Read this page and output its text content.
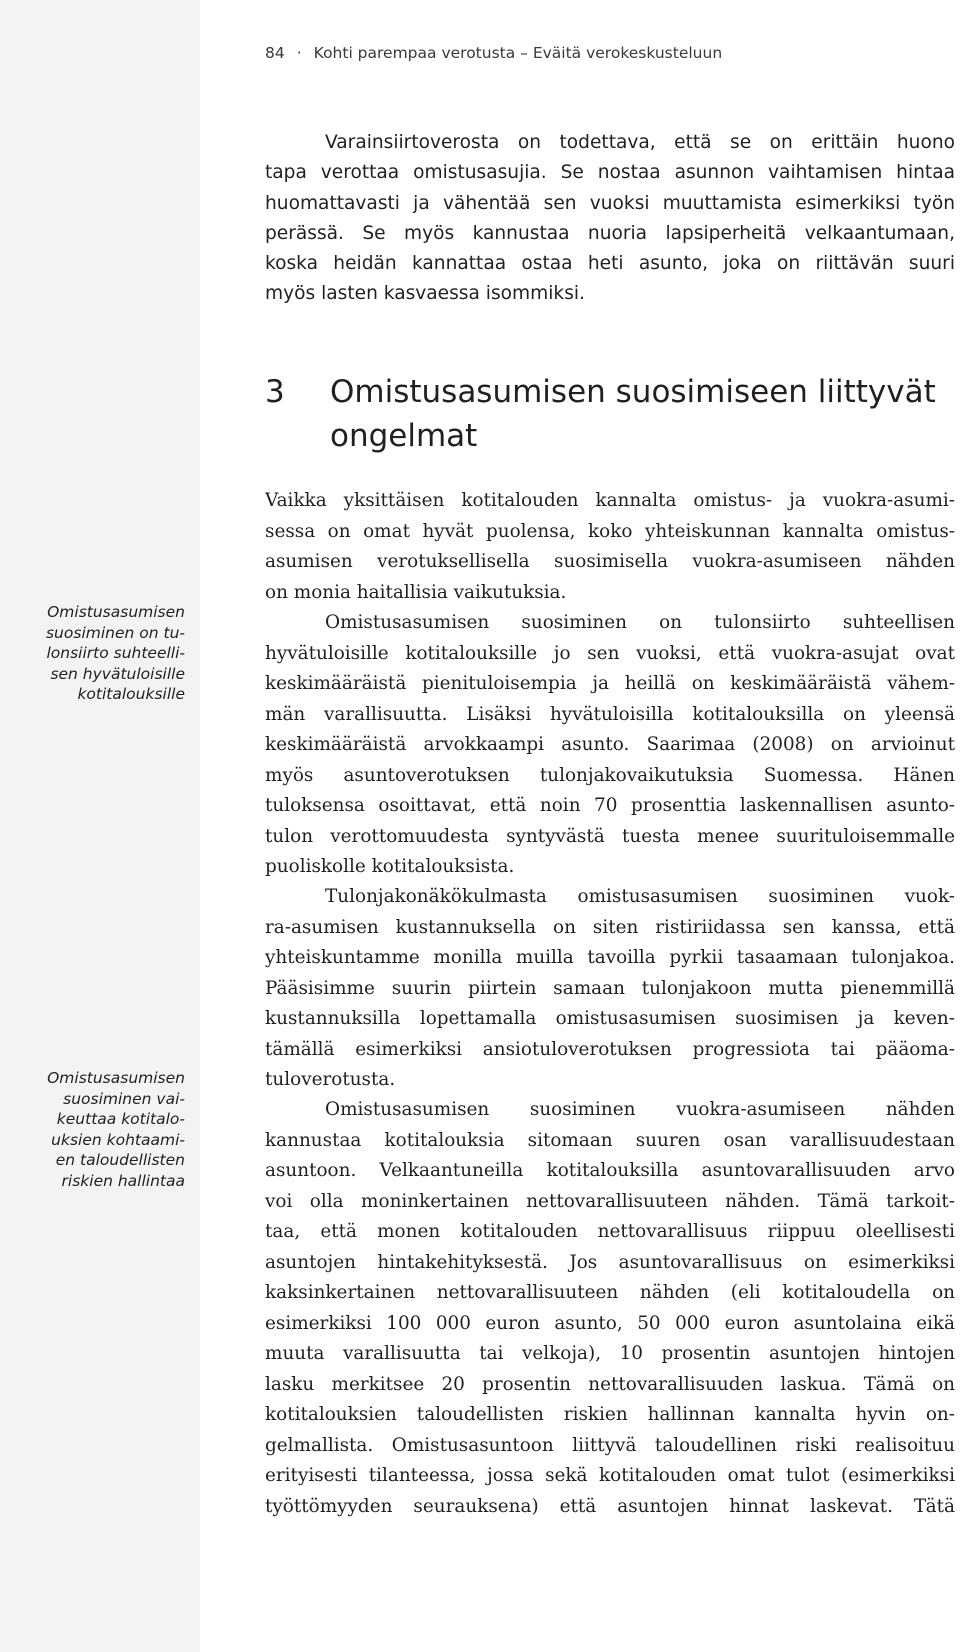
84 · Kohti parempaa verotusta – Eväitä verokeskusteluun

Varainsiirtoverosta on todettava, että se on erittäin huono
tapa verottaa omistusasujia. Se nostaa asunnon vaihtamisen hintaa
huomattavasti ja vähentää sen vuoksi muuttamista esimerkiksi työn
perässä. Se myös kannustaa nuoria lapsiperheitä velkaantumaan,
koska heidän kannattaa ostaa heti asunto, joka on riittävän suuri
myös lasten kasvaessa isommiksi.

3 Omistusasumisen suosimiseen liittyvät
ongelmat

Omistusasumisen
suosiminen on tu-
lonsiirto suhteelli-
sen hyvätuloisille
kotitalouksille

Omistusasumisen
suosiminen vai-
keuttaa kotitalo-
uksien kohtaami-
en taloudellisten
riskien hallintaa

Vaikka yksittäisen kotitalouden kannalta omistus- ja vuokra-asumi-
sessa on omat hyvät puolensa, koko yhteiskunnan kannalta omistus-
asumisen verotuksellisella suosimisella vuokra-asumiseen nähden
on monia haitallisia vaikutuksia.

Omistusasumisen suosiminen on tulonsiirto suhteellisen
hyvätuloisille kotitalouksille jo sen vuoksi, että vuokra-asujat ovat
keskimääräistä pienituloisempia ja heillä on keskimääräistä vähem-
män varallisuutta. Lisäksi hyvätuloisilla kotitalouksilla on yleensä
keskimääräistä arvokkaampi asunto. Saarimaa (2008) on arvioinut
myös asuntoverotuksen tulonjakovaikutuksia Suomessa. Hänen
tuloksensa osoittavat, että noin 70 prosenttia laskennallisen asunto-
tulon verottomuudesta syntyvästä tuesta menee suurituloisemmalle
puoliskolle kotitalouksista.

Tulonjakonäkökulmasta omistusasumisen suosiminen vuok-
ra-asumisen kustannuksella on siten ristiriidassa sen kanssa, että
yhteiskuntamme monilla muilla tavoilla pyrkii tasaamaan tulonjakoa.
Pääsisimme suurin piirtein samaan tulonjakoon mutta pienemmillä
kustannuksilla lopettamalla omistusasumisen suosimisen ja keven-
tämällä esimerkiksi ansiotuloverotuksen progressiota tai pääoma-
tuloverotusta.

Omistusasumisen suosiminen vuokra-asumiseen nähden
kannustaa kotitalouksia sitomaan suuren osan varallisuudestaan
asuntoon. Velkaantuneilla kotitalouksilla asuntovarallisuuden arvo
voi olla moninkertainen nettovarallisuuteen nähden. Tämä tarkoit-
taa, että monen kotitalouden nettovarallisuus riippuu oleellisesti
asuntojen hintakehityksestä. Jos asuntovarallisuus on esimerkiksi
kaksinkertainen nettovarallisuuteen nähden (eli kotitaloudella on
esimerkiksi 100 000 euron asunto, 50 000 euron asuntolaina eikä
muuta varallisuutta tai velkoja), 10 prosentin asuntojen hintojen
lasku merkitsee 20 prosentin nettovarallisuuden laskua. Tämä on
kotitalouksien taloudellisten riskien hallinnan kannalta hyvin on-
gelmallista. Omistusasuntoon liittyvä taloudellinen riski realisoituu
erityisesti tilanteessa, jossa sekä kotitalouden omat tulot (esimerkiksi
työttömyyden seurauksena) että asuntojen hinnat laskevat. Tätä
